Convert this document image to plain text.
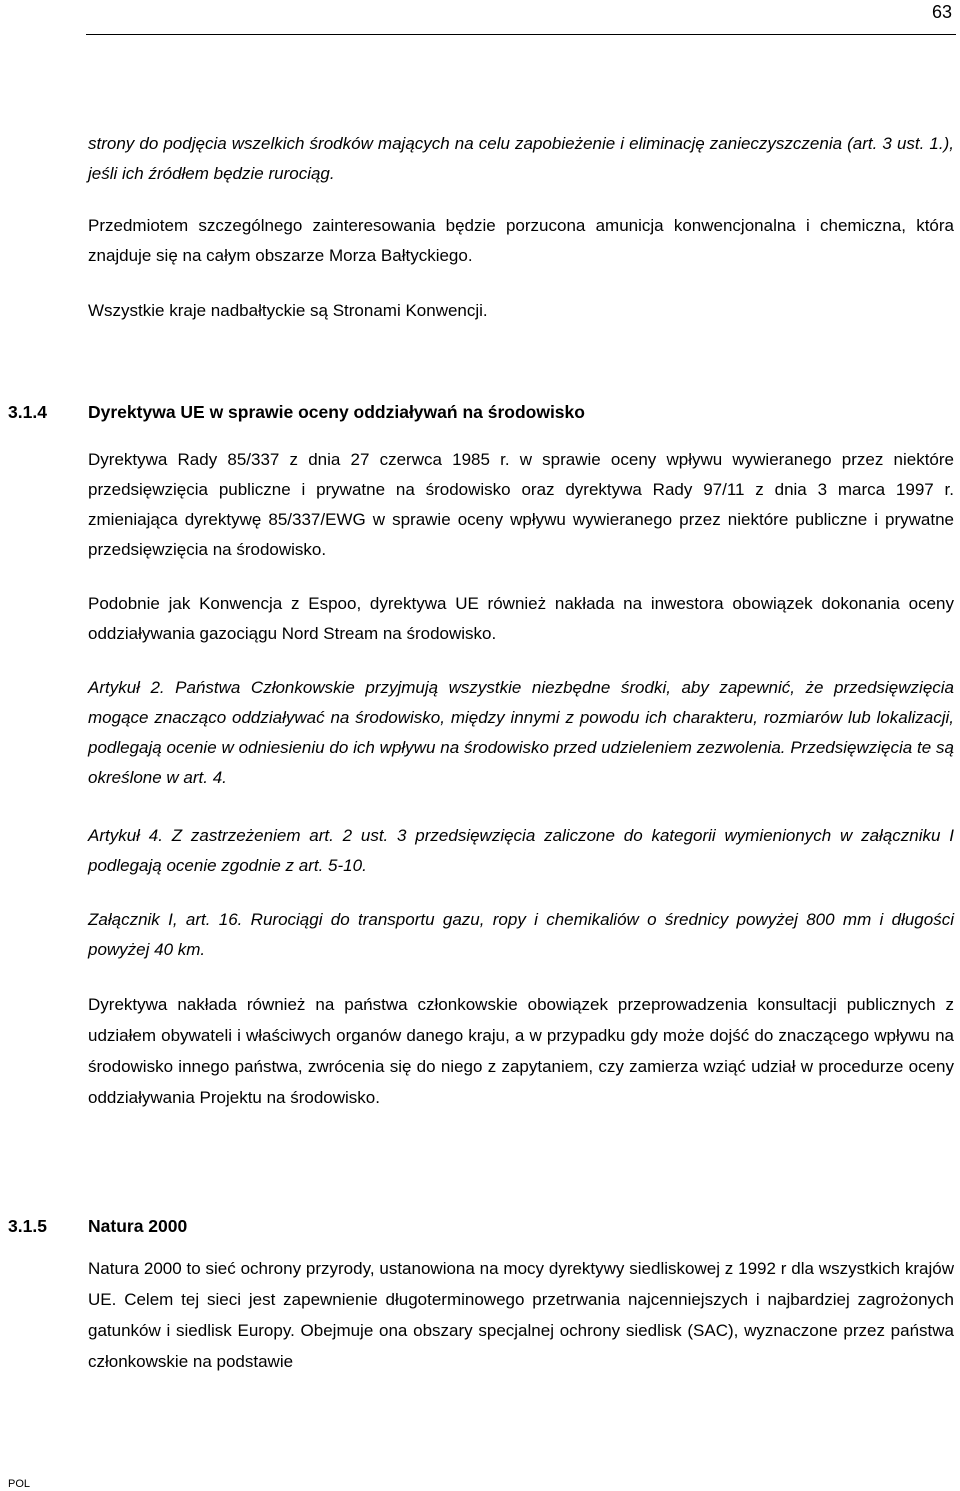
63

strony do podjęcia wszelkich środków mających na celu zapobieżenie i eliminację zanieczyszczenia (art. 3 ust. 1.), jeśli ich źródłem będzie rurociąg.

Przedmiotem szczególnego zainteresowania będzie porzucona amunicja konwencjonalna i chemiczna, która znajduje się na całym obszarze Morza Bałtyckiego.

Wszystkie kraje nadbałtyckie są Stronami Konwencji.

3.1.4 Dyrektywa UE w sprawie oceny oddziaływań na środowisko

Dyrektywa Rady 85/337 z dnia 27 czerwca 1985 r. w sprawie oceny wpływu wywieranego przez niektóre przedsięwzięcia publiczne i prywatne na środowisko oraz dyrektywa Rady 97/11 z dnia 3 marca 1997 r. zmieniająca dyrektywę 85/337/EWG w sprawie oceny wpływu wywieranego przez niektóre publiczne i prywatne przedsięwzięcia na środowisko.

Podobnie jak Konwencja z Espoo, dyrektywa UE również nakłada na inwestora obowiązek dokonania oceny oddziaływania gazociągu Nord Stream na środowisko.

Artykuł 2. Państwa Członkowskie przyjmują wszystkie niezbędne środki, aby zapewnić, że przedsięwzięcia mogące znacząco oddziaływać na środowisko, między innymi z powodu ich charakteru, rozmiarów lub lokalizacji, podlegają ocenie w odniesieniu do ich wpływu na środowisko przed udzieleniem zezwolenia. Przedsięwzięcia te są określone w art. 4.

Artykuł 4. Z zastrzeżeniem art. 2 ust. 3 przedsięwzięcia zaliczone do kategorii wymienionych w załączniku I podlegają ocenie zgodnie z art. 5-10.

Załącznik I, art. 16. Rurociągi do transportu gazu, ropy i chemikaliów o średnicy powyżej 800 mm i długości powyżej 40 km.

Dyrektywa nakłada również na państwa członkowskie obowiązek przeprowadzenia konsultacji publicznych z udziałem obywateli i właściwych organów danego kraju, a w przypadku gdy może dojść do znaczącego wpływu na środowisko innego państwa, zwrócenia się do niego z zapytaniem, czy zamierza wziąć udział w procedurze oceny oddziaływania Projektu na środowisko.

3.1.5 Natura 2000

Natura 2000 to sieć ochrony przyrody, ustanowiona na mocy dyrektywy siedliskowej z 1992 r dla wszystkich krajów UE. Celem tej sieci jest zapewnienie długoterminowego przetrwania najcenniejszych i najbardziej zagrożonych gatunków i siedlisk Europy. Obejmuje ona obszary specjalnej ochrony siedlisk (SAC), wyznaczone przez państwa członkowskie na podstawie

POL
